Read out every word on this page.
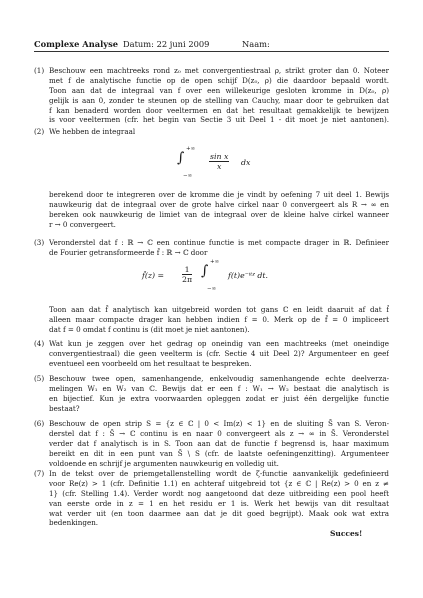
Complexe Analyse Datum: 22 juni 2009	Naam:
(1) Beschouw een machtreeks rond z₀ met convergentiestraal ρ, strikt groter dan 0. Noteer
met f de analytische functie op de open schijf D(z₀, ρ) die daardoor bepaald wordt.
Toon aan dat de integraal van f over een willekeurige gesloten kromme in D(z₀, ρ)
gelijk is aan 0, zonder te steunen op de stelling van Cauchy, maar door te gebruiken dat
f kan benaderd worden door veeltermen en dat het resultaat gemakkelijk te bewijzen
is voor veeltermen (cfr. het begin van Sectie 3 uit Deel 1 - dit moet je niet aantonen).
(2) We hebben de integraal
+∞
∫
−∞
$\frac{\text{sin x}}{x}$ dx
berekend door te integreren over de kromme die je vindt by oefening 7 uit deel 1. Bewijs
nauwkeurig dat de integraal over de grote halve cirkel naar 0 convergeert als R → ∞ en
bereken ook nauwkeurig de limiet van de integraal over de kleine halve cirkel wanneer
r → 0 convergeert.
(3) Veronderstel dat f : ℝ → ℂ een continue functie is met compacte drager in ℝ. Definieer
de Fourier getransformeerde f̂ : ℝ → ℂ door
f̂(z) = $\frac{1}{2\pi}$
+∞
∫
−∞
f(t)e⁻ⁱᵗᶻ dt.
Toon aan dat f̂ analytisch kan uitgebreid worden tot gans ℂ en leidt daaruit af dat f̂
alleen maar compacte drager kan hebben indien f = 0. Merk op de f̂ = 0 impliceert
dat f = 0 omdat f continu is (dit moet je niet aantonen).
(4) Wat kun je zeggen over het gedrag op oneindig van een machtreeks (met oneindige
convergentiestraal) die geen veelterm is (cfr. Sectie 4 uit Deel 2)? Argumenteer en geef
eventueel een voorbeeld om het resultaat te bespreken.
(5) Beschouw twee open, samenhangende, enkelvoudig samenhangende echte deelverza-
melingen W₁ en W₂ van ℂ. Bewijs dat er een f : W₁ → W₂ bestaat die analytisch is
en bijectief. Kun je extra voorwaarden opleggen zodat er juist één dergelijke functie
bestaat?
(6) Beschouw de open strip S = {z ∈ ℂ | 0 < Im(z) < 1} en de sluiting S̄ van S. Veron-
derstel dat f : S̄ → ℂ continu is en naar 0 convergeert als z → ∞ in S̄. Veronderstel
verder dat f analytisch is in S. Toon aan dat de functie f begrensd is, haar maximum
bereikt en dit in een punt van S̄ \ S (cfr. de laatste oefeningenzitting). Argumenteer
voldoende en schrijf je argumenten nauwkeurig en volledig uit.
(7) In de tekst over de priemgetallenstelling wordt de ζ-functie aanvankelijk gedefinieerd
voor Re(z) > 1 (cfr. Definitie 1.1) en achteraf uitgebreid tot {z ∈ ℂ | Re(z) > 0 en z ≠
1} (cfr. Stelling 1.4). Verder wordt nog aangetoond dat deze uitbreiding een pool heeft
van eerste orde in z = 1 en het residu er 1 is. Werk het bewijs van dit resultaat
wat verder uit (en toon daarmee aan dat je dit goed begrijpt). Maak ook wat extra
bedenkingen.
Succes!
